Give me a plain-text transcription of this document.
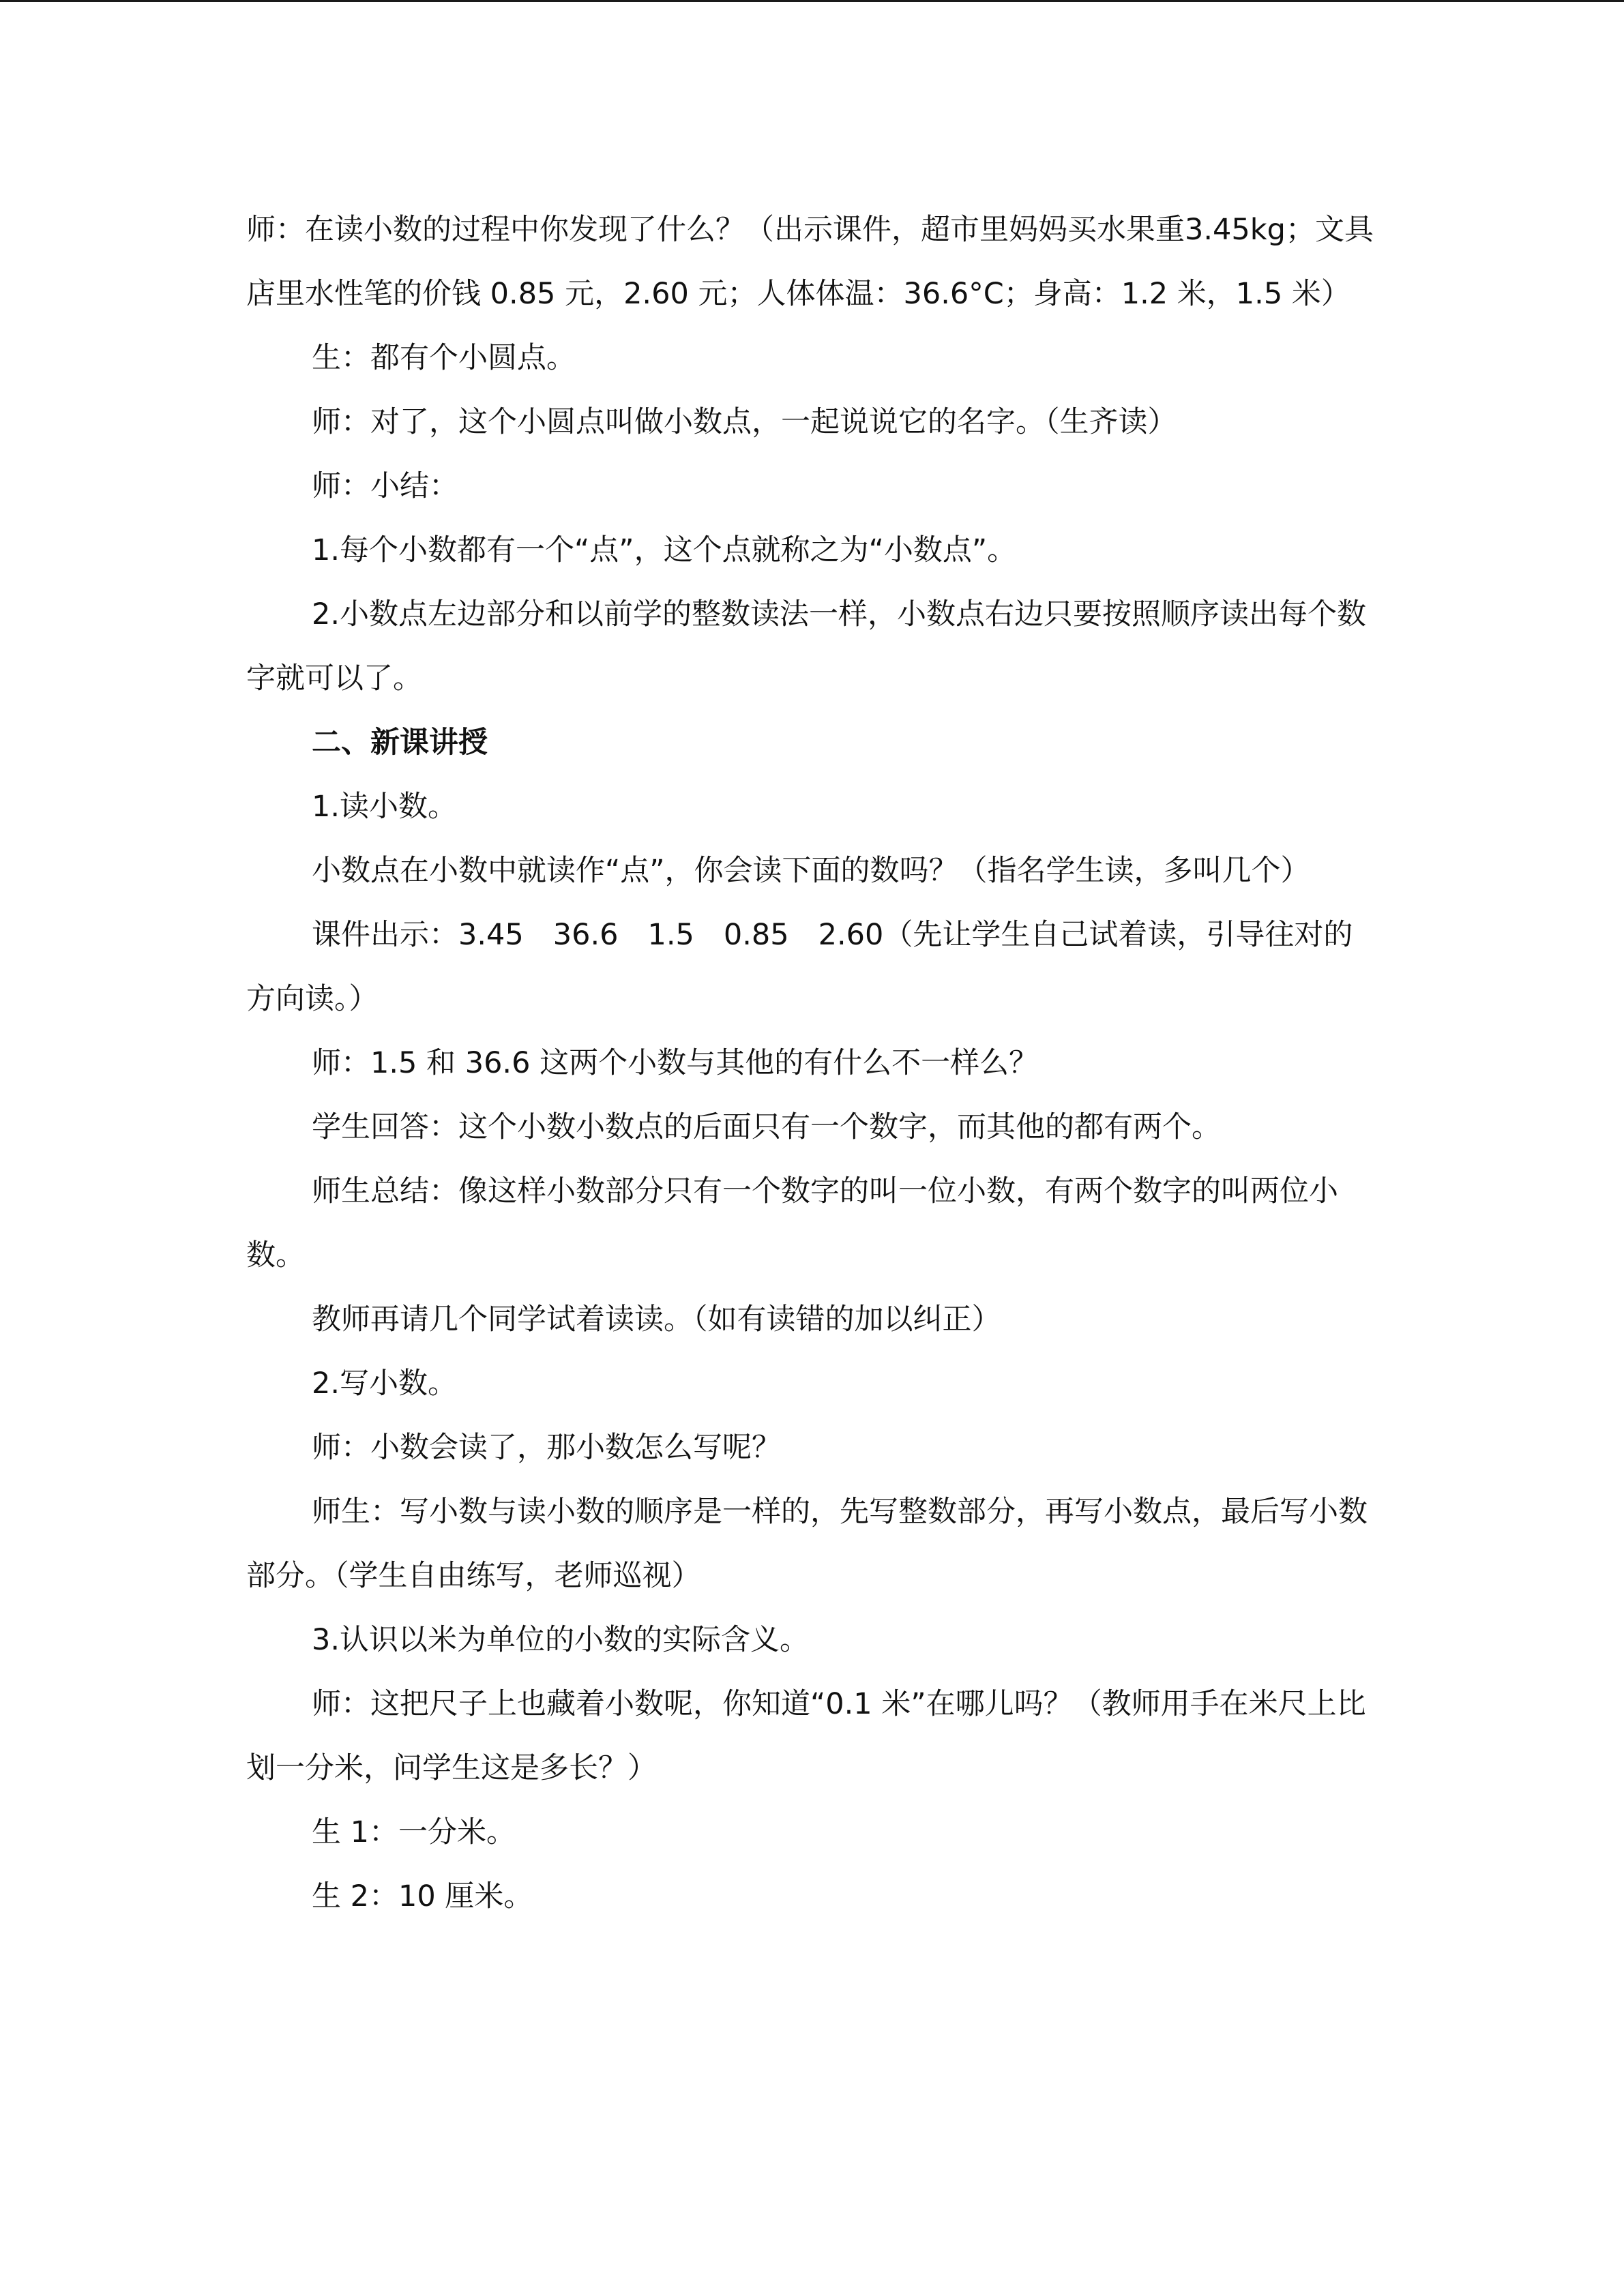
师：在读小数的过程中你发现了什么？（出示课件，超市里妈妈买水果重3.45kg；文具店里水性笔的价钱 0.85 元，2.60 元；人体体温：36.6°C；身高：1.2 米，1.5 米）

生：都有个小圆点。

师：对了，这个小圆点叫做小数点，一起说说它的名字。（生齐读）

师：小结：

1.每个小数都有一个“点”，这个点就称之为“小数点”。

2.小数点左边部分和以前学的整数读法一样，小数点右边只要按照顺序读出每个数字就可以了。

二、新课讲授

1.读小数。

小数点在小数中就读作“点”，你会读下面的数吗？（指名学生读，多叫几个）

课件出示：3.45　36.6　1.5　0.85　2.60（先让学生自己试着读，引导往对的方向读。）

师：1.5 和 36.6 这两个小数与其他的有什么不一样么？

学生回答：这个小数小数点的后面只有一个数字，而其他的都有两个。

师生总结：像这样小数部分只有一个数字的叫一位小数，有两个数字的叫两位小数。

教师再请几个同学试着读读。（如有读错的加以纠正）

2.写小数。

师：小数会读了，那小数怎么写呢？

师生：写小数与读小数的顺序是一样的，先写整数部分，再写小数点，最后写小数部分。（学生自由练写，老师巡视）

3.认识以米为单位的小数的实际含义。

师：这把尺子上也藏着小数呢，你知道“0.1 米”在哪儿吗？（教师用手在米尺上比划一分米，问学生这是多长？）

生 1：一分米。

生 2：10 厘米。
